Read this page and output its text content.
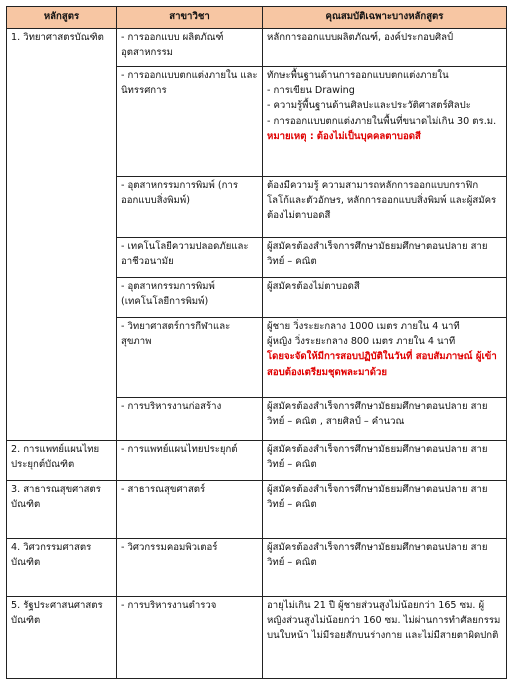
หลักสูตร	สาขาวิชา	คุณสมบัติเฉพาะบางหลักสูตร
1. วิทยาศาสตรบัณฑิต	- การออกแบบ ผลิตภัณฑ์อุตสาหกรรม	หลักการออกแบบผลิตภัณฑ์, องค์ประกอบศิลป์

	- การออกแบบตกแต่งภายใน และนิทรรศการ	ทักษะพื้นฐานด้านการออกแบบตกแต่งภายใน
- การเขียน Drawing
- ความรู้พื้นฐานด้านศิลปะและประวัติศาสตร์ศิลปะ
- การออกแบบตกแต่งภายในพื้นที่ขนาดไม่เกิน 30 ตร.ม.
หมายเหตุ : ต้องไม่เป็นบุคคลตาบอดสี

	- อุตสาหกรรมการพิมพ์ (การออกแบบสิ่งพิมพ์)	ต้องมีความรู้ ความสามารถหลักการออกแบบกราฟิก โลโก้และตัวอักษร, หลักการออกแบบสิ่งพิมพ์ และผู้สมัครต้องไม่ตาบอดสี

	- เทคโนโลยีความปลอดภัยและอาชีวอนามัย	ผู้สมัครต้องสำเร็จการศึกษามัธยมศึกษาตอนปลาย สายวิทย์ – คณิต

	- อุตสาหกรรมการพิมพ์ (เทคโนโลยีการพิมพ์)	ผู้สมัครต้องไม่ตาบอดสี

	- วิทยาศาสตร์การกีฬาและสุขภาพ	ผู้ชาย วิ่งระยะกลาง 1000 เมตร ภายใน 4 นาที
ผู้หญิง วิ่งระยะกลาง 800 เมตร ภายใน 4 นาที
โดยจะจัดให้มีการสอบปฏิบัติในวันที่ สอบสัมภาษณ์ ผู้เข้าสอบต้องเตรียมชุดพละมาด้วย

	- การบริหารงานก่อสร้าง	ผู้สมัครต้องสำเร็จการศึกษามัธยมศึกษาตอนปลาย สายวิทย์ – คณิต , สายศิลป์ – คำนวณ

2. การแพทย์แผนไทยประยุกต์บัณฑิต	- การแพทย์แผนไทยประยุกต์	ผู้สมัครต้องสำเร็จการศึกษามัธยมศึกษาตอนปลาย สายวิทย์ – คณิต

3. สาธารณสุขศาสตรบัณฑิต	- สาธารณสุขศาสตร์	ผู้สมัครต้องสำเร็จการศึกษามัธยมศึกษาตอนปลาย สายวิทย์ – คณิต

4. วิศวกรรมศาสตรบัณฑิต	- วิศวกรรมคอมพิวเตอร์	ผู้สมัครต้องสำเร็จการศึกษามัธยมศึกษาตอนปลาย สายวิทย์ – คณิต

5. รัฐประศาสนศาสตรบัณฑิต	- การบริหารงานตำรวจ	อายุไม่เกิน 21 ปี ผู้ชายส่วนสูงไม่น้อยกว่า 165 ซม. ผู้หญิงส่วนสูงไม่น้อยกว่า 160 ซม. ไม่ผ่านการทำศัลยกรรมบนใบหน้า ไม่มีรอยสักบนร่างกาย และไม่มีสายตาผิดปกติ
